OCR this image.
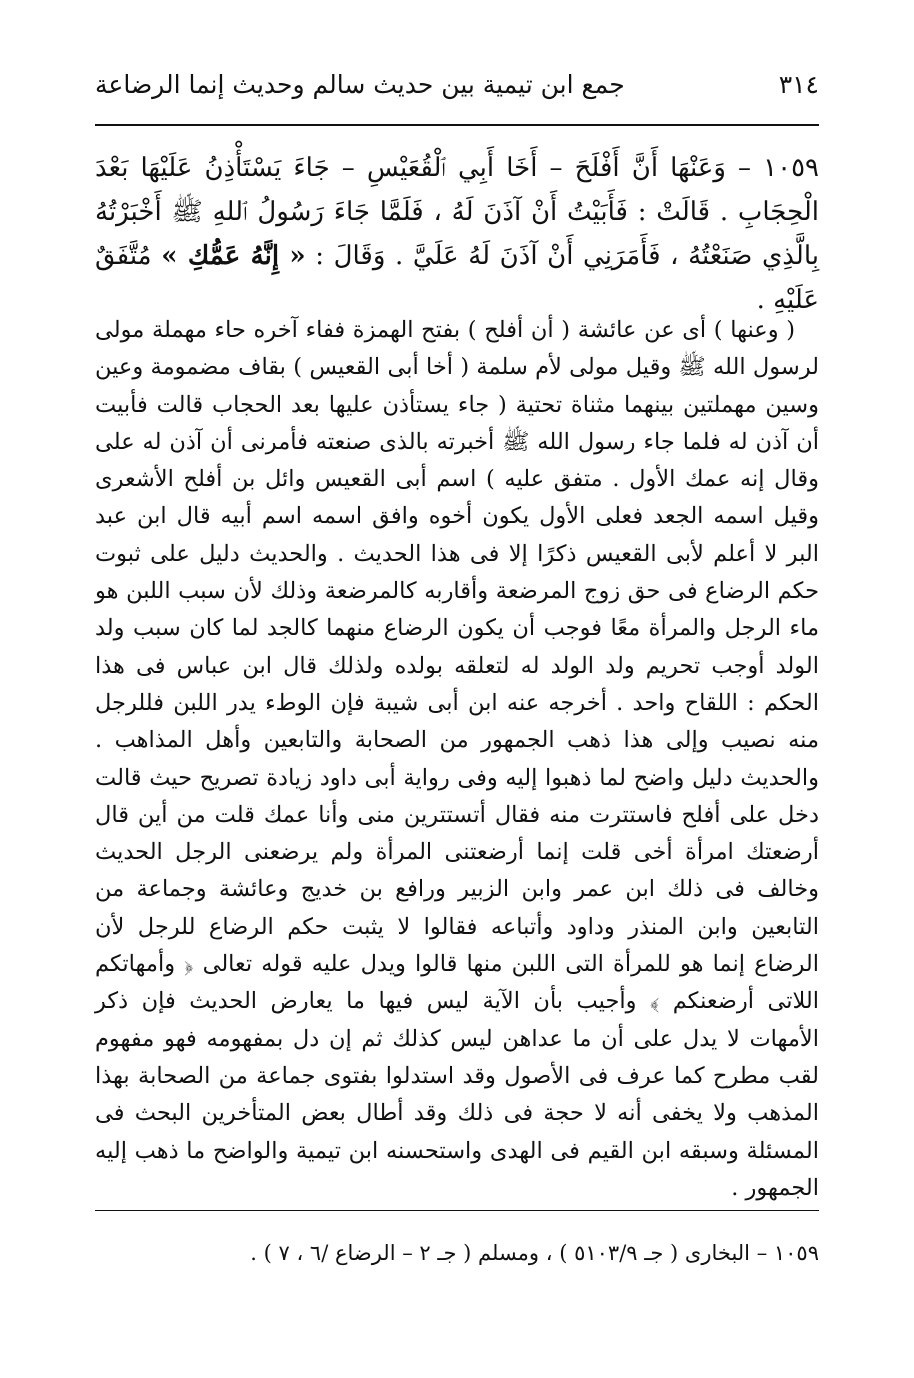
٣١٤
جمع ابن تيمية بين حديث سالم وحديث إنما الرضاعة
١٠٥٩ – وَعَنْهَا أَنَّ أَفْلَحَ – أَخَا أَبِي ٱلْقُعَيْسِ – جَاءَ يَسْتَأْذِنُ عَلَيْهَا بَعْدَ الْحِجَابِ . قَالَتْ : فَأَبَيْتُ أَنْ آذَنَ لَهُ ، فَلَمَّا جَاءَ رَسُولُ ٱللهِ ﷺ أَخْبَرْتُهُ بِالَّذِي صَنَعْتُهُ ، فَأَمَرَنِي أَنْ آذَنَ لَهُ عَلَيَّ . وَقَالَ : « إِنَّهُ عَمُّكِ » مُتَّفَقٌ عَلَيْهِ .
( وعنها ) أى عن عائشة ( أن أفلح ) بفتح الهمزة ففاء آخره حاء مهملة مولى لرسول الله ﷺ وقيل مولى لأم سلمة ( أخا أبى القعيس ) بقاف مضمومة وعين وسين مهملتين بينهما مثناة تحتية ( جاء يستأذن عليها بعد الحجاب قالت فأبيت أن آذن له فلما جاء رسول الله ﷺ أخبرته بالذى صنعته فأمرنى أن آذن له على وقال إنه عمك الأول . متفق عليه ) اسم أبى القعيس وائل بن أفلح الأشعرى وقيل اسمه الجعد فعلى الأول يكون أخوه وافق اسمه اسم أبيه قال ابن عبد البر لا أعلم لأبى القعيس ذكرًا إلا فى هذا الحديث . والحديث دليل على ثبوت حكم الرضاع فى حق زوج المرضعة وأقاربه كالمرضعة وذلك لأن سبب اللبن هو ماء الرجل والمرأة معًا فوجب أن يكون الرضاع منهما كالجد لما كان سبب ولد الولد أوجب تحريم ولد الولد له لتعلقه بولده ولذلك قال ابن عباس فى هذا الحكم : اللقاح واحد . أخرجه عنه ابن أبى شيبة فإن الوطء يدر اللبن فللرجل منه نصيب وإلى هذا ذهب الجمهور من الصحابة والتابعين وأهل المذاهب . والحديث دليل واضح لما ذهبوا إليه وفى رواية أبى داود زيادة تصريح حيث قالت دخل على أفلح فاستترت منه فقال أتستترين منى وأنا عمك قلت من أين قال أرضعتك امرأة أخى قلت إنما أرضعتنى المرأة ولم يرضعنى الرجل الحديث وخالف فى ذلك ابن عمر وابن الزبير ورافع بن خديج وعائشة وجماعة من التابعين وابن المنذر وداود وأتباعه فقالوا لا يثبت حكم الرضاع للرجل لأن الرضاع إنما هو للمرأة التى اللبن منها قالوا ويدل عليه قوله تعالى ﴿ وأمهاتكم اللاتى أرضعنكم ﴾ وأجيب بأن الآية ليس فيها ما يعارض الحديث فإن ذكر الأمهات لا يدل على أن ما عداهن ليس كذلك ثم إن دل بمفهومه فهو مفهوم لقب مطرح كما عرف فى الأصول وقد استدلوا بفتوى جماعة من الصحابة بهذا المذهب ولا يخفى أنه لا حجة فى ذلك وقد أطال بعض المتأخرين البحث فى المسئلة وسبقه ابن القيم فى الهدى واستحسنه ابن تيمية والواضح ما ذهب إليه الجمهور .
١٠٥٩ – البخارى ( جـ ٥١٠٣/٩ ) ، ومسلم ( جـ ٢ – الرضاع /٦ ، ٧ ) .
